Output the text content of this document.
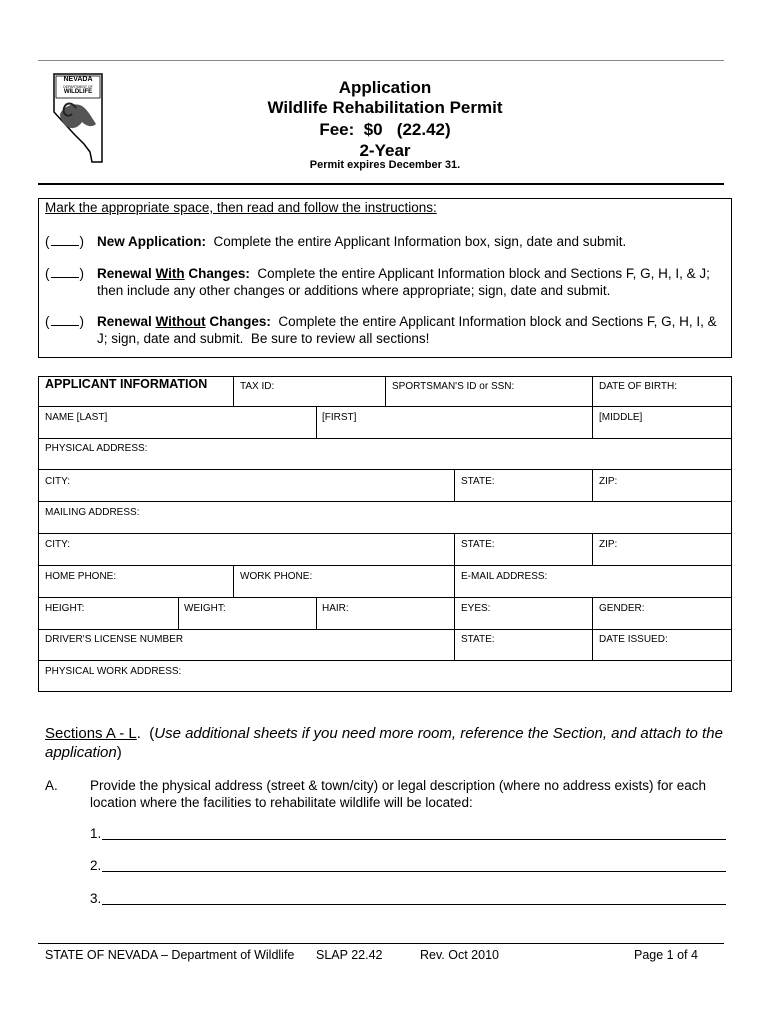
NEVADA
DEPARTMENT OF
WILDLIFE	Application
Wildlife Rehabilitation Permit
Fee:  $0   (22.42)
2-Year
Permit expires December 31.
Mark the appropriate space, then read and follow the instructions:
( ) New Application:  Complete the entire Applicant Information box, sign, date and submit.
( ) Renewal With Changes:  Complete the entire Applicant Information block and Sections F, G, H, I, & J; then include any other changes or additions where appropriate; sign, date and submit.
( ) Renewal Without Changes:  Complete the entire Applicant Information block and Sections F, G, H, I, & J; sign, date and submit.  Be sure to review all sections!
APPLICANT INFORMATION	TAX ID:	SPORTSMAN'S ID or SSN:	DATE OF BIRTH:
NAME [LAST]	[FIRST]	[MIDDLE]
PHYSICAL ADDRESS:
CITY:	STATE:	ZIP:
MAILING ADDRESS:
CITY:	STATE:	ZIP:
HOME PHONE:	WORK PHONE:	E-MAIL ADDRESS:
HEIGHT:	WEIGHT:	HAIR:	EYES:	GENDER:
DRIVER'S LICENSE NUMBER	STATE:	DATE ISSUED:
PHYSICAL WORK ADDRESS:
Sections A - L.  (Use additional sheets if you need more room, reference the Section, and attach to the application)
A. Provide the physical address (street & town/city) or legal description (where no address exists) for each location where the facilities to rehabilitate wildlife will be located:
1.
2.
3.
STATE OF NEVADA – Department of Wildlife SLAP 22.42	Rev. Oct 2010	Page 1 of 4
